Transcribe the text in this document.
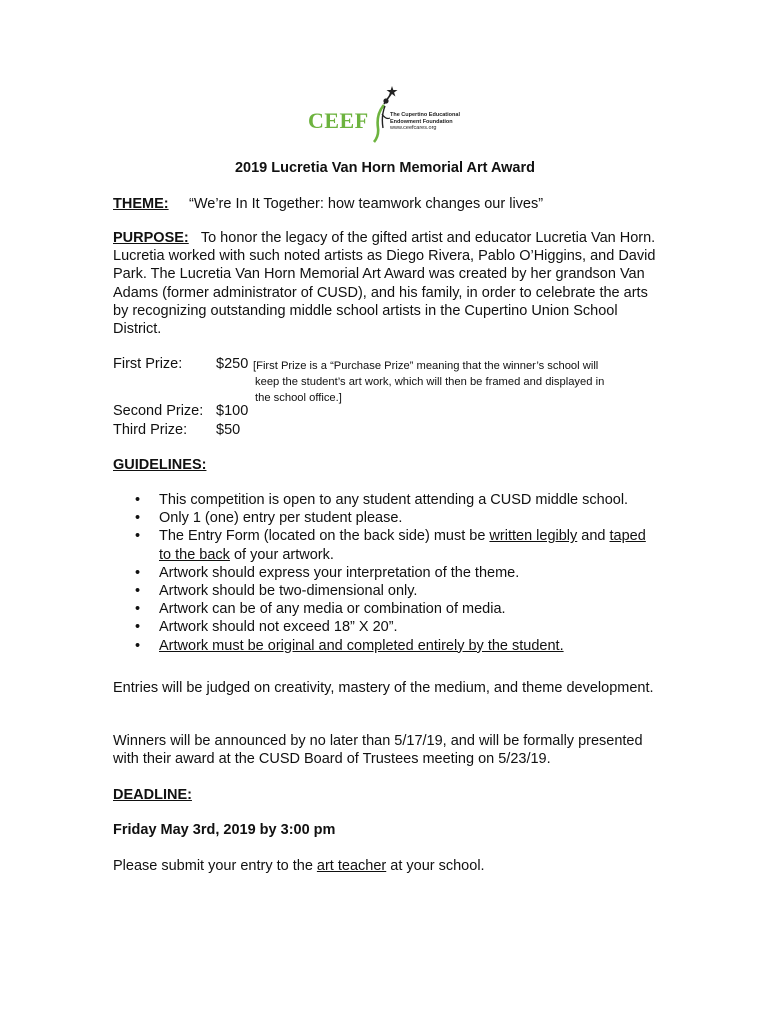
CEEF	The Cupertino Educational
Endowment Foundation
www.ceefcares.org
2019 Lucretia Van Horn Memorial Art Award
THEME: “We’re In It Together: how teamwork changes our lives”
PURPOSE: To honor the legacy of the gifted artist and educator Lucretia Van Horn. Lucretia worked with such noted artists as Diego Rivera, Pablo O’Higgins, and David Park. The Lucretia Van Horn Memorial Art Award was created by her grandson Van Adams (former administrator of CUSD), and his family, in order to celebrate the arts by recognizing outstanding middle school artists in the Cupertino Union School District.
First Prize: $250 [First Prize is a “Purchase Prize” meaning that the winner’s school will
keep the student’s art work, which will then be framed and displayed in
the school office.]
Second Prize: $100
Third Prize: $50
GUIDELINES:
• This competition is open to any student attending a CUSD middle school.
• Only 1 (one) entry per student please.
• The Entry Form (located on the back side) must be written legibly and taped to the back of your artwork.
• Artwork should express your interpretation of the theme.
• Artwork should be two-dimensional only.
• Artwork can be of any media or combination of media.
• Artwork should not exceed 18” X 20”.
• Artwork must be original and completed entirely by the student.
Entries will be judged on creativity, mastery of the medium, and theme development.
Winners will be announced by no later than 5/17/19, and will be formally presented with their award at the CUSD Board of Trustees meeting on 5/23/19.
DEADLINE:
Friday May 3rd, 2019 by 3:00 pm
Please submit your entry to the art teacher at your school.
